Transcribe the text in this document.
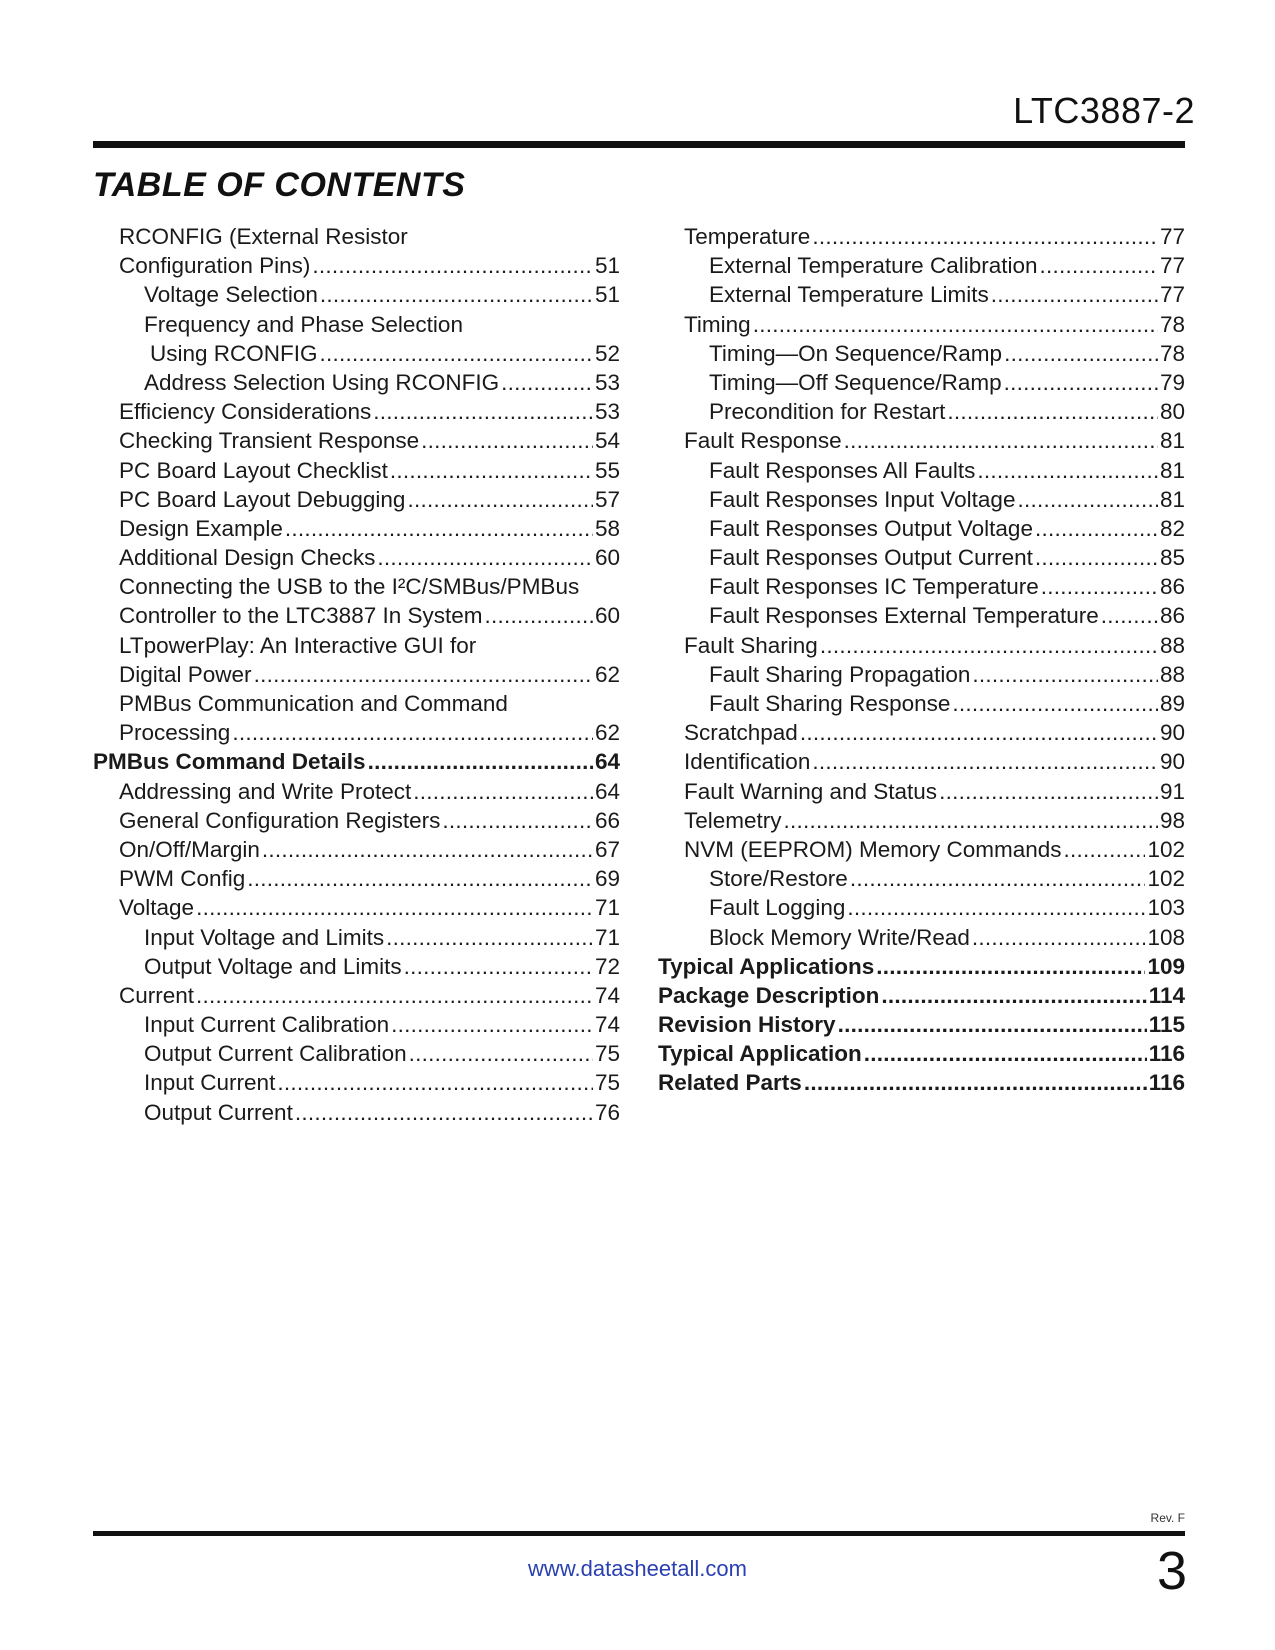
LTC3887-2
TABLE OF CONTENTS
RCONFIG (External Resistor
Configuration Pins) . . .	51
Voltage Selection . . .	51
Frequency and Phase Selection
Using RCONFIG . . .	52
Address Selection Using RCONFIG . . .	53
Efficiency Considerations . . .	53
Checking Transient Response . . .	54
PC Board Layout Checklist . . .	55
PC Board Layout Debugging . . .	57
Design Example . . .	58
Additional Design Checks . . .	60
Connecting the USB to the I²C/SMBus/PMBus
Controller to the LTC3887 In System . . .	60
LTpowerPlay: An Interactive GUI for
Digital Power . . .	62
PMBus Communication and Command
Processing . . .	62
PMBus Command Details . . .	64
Addressing and Write Protect . . .	64
General Configuration Registers . . .	66
On/Off/Margin . . .	67
PWM Config . . .	69
Voltage . . .	71
Input Voltage and Limits . . .	71
Output Voltage and Limits . . .	72
Current . . .	74
Input Current Calibration . . .	74
Output Current Calibration . . .	75
Input Current . . .	75
Output Current . . .	76
Temperature . . .	77
External Temperature Calibration . . .	77
External Temperature Limits . . .	77
Timing . . .	78
Timing—On Sequence/Ramp . . .	78
Timing—Off Sequence/Ramp . . .	79
Precondition for Restart . . .	80
Fault Response . . .	81
Fault Responses All Faults . . .	81
Fault Responses Input Voltage . . .	81
Fault Responses Output Voltage . . .	82
Fault Responses Output Current . . .	85
Fault Responses IC Temperature . . .	86
Fault Responses External Temperature . . .	86
Fault Sharing . . .	88
Fault Sharing Propagation . . .	88
Fault Sharing Response . . .	89
Scratchpad . . .	90
Identification . . .	90
Fault Warning and Status . . .	91
Telemetry . . .	98
NVM (EEPROM) Memory Commands . . .	102
Store/Restore . . .	102
Fault Logging . . .	103
Block Memory Write/Read . . .	108
Typical Applications . . .	109
Package Description . . .	114
Revision History . . .	115
Typical Application . . .	116
Related Parts . . .	116
Rev. F
www.datasheetall.com	3
